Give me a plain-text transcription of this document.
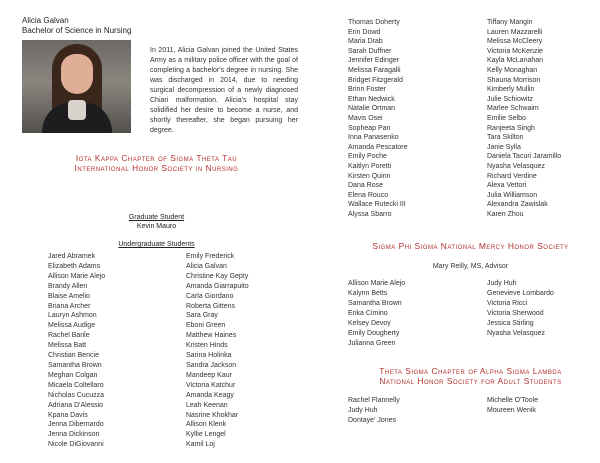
Alicia Galvan
Bachelor of Science in Nursing
In 2011, Alicia Galvan joined the United States Army as a military police officer with the goal of completing a bachelor's degree in nursing. She was discharged in 2014, due to needing surgical decompression of a newly diagnosed Chiari malformation. Alicia's hospital stay solidified her desire to become a nurse, and shortly thereafter, she began pursuing her degree.
Iota Kappa Chapter of Sigma Theta Tau
International Honor Society in Nursing
Graduate Student
Kevin Mauro
Undergraduate Students
Jared Abramek
Elizabeth Adams
Allison Marie Alejo
Brandy Allen
Blaise Amelio
Briana Archer
Lauryn Ashmon
Melissa Audige
Rachel Barile
Melissa Batt
Christian Bencie
Samantha Brown
Meghan Colgan
Micaela Coltellaro
Nicholas Cucuzza
Adriana D'Alessio
Kpana Davis
Jenna Dibernardo
Jenna Dickinson
Nicole DiGiovanni
Emily Frederick
Alicia Galvan
Christine Kay Gepty
Amanda Giarrapuito
Carla Giordano
Roberta Gittens
Sara Gray
Eboni Green
Matthew Haines
Kristen Hinds
Sarina Holinka
Sandra Jackson
Mandeep Kaur
Victoria Katchur
Amanda Keagy
Leah Keenan
Nasrine Khokhar
Allison Klenk
Kyllie Lengel
Kamil Loj
Thomas Doherty
Erin Dowd
Maria Drab
Sarah Duffner
Jennifer Edinger
Melissa Faragalli
Bridget Fitzgerald
Brinn Foster
Ethan Nedwick
Natalie Ortman
Mavis Osei
Sopheap Pan
Inna Panasenko
Amanda Pescatore
Emily Poche
Kaitlyn Poretti
Kirsten Quinn
Dana Rose
Elena Rouco
Wallace Rutecki III
Alyssa Sbarro
Tiffany Mangin
Lauren Mazzarelli
Melissa McCleery
Victoria McKenzie
Kayla McLanahan
Kelly Monaghan
Shauna Morrison
Kimberly Mullin
Julie Schiowitz
Marlee Schwaim
Emilie Selbo
Ranjeeta Singh
Tara Skilton
Janie Sylla
Daniela Tacuri Jaramillo
Nyasha Velasquez
Richard Verdine
Alexa Vettori
Julia Williamson
Alexandra Zawislak
Karen Zhou
Sigma Phi Sigma National Mercy Honor Society
Mary Reilly, MS, Advisor
Allison Marie Alejo
Kalynn Betts
Samantha Brown
Erika Cimino
Kelsey Devoy
Emily Dougherty
Julianna Green
Judy Huh
Genevieve Lombardo
Victoria Ricci
Victoria Sherwood
Jessica Stirling
Nyasha Velasquez
Theta Sigma Chapter of Alpha Sigma Lambda
National Honor Society for Adult Students
Rachel Flannelly
Judy Huh
Dontaye' Jones
Michelle O'Toole
Moureen Wenik
